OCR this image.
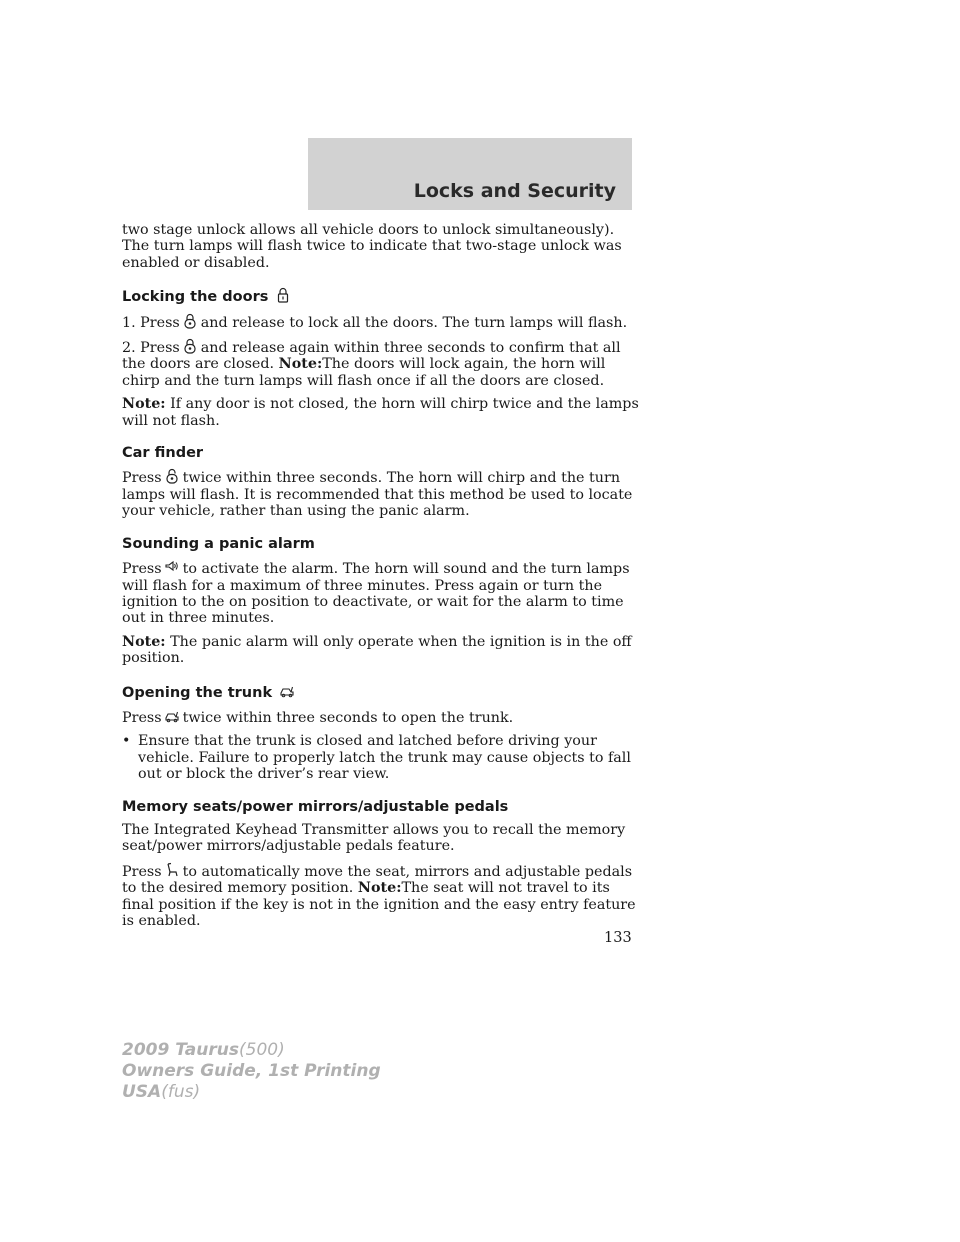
Locks and Security

two stage unlock allows all vehicle doors to unlock simultaneously). The turn lamps will flash twice to indicate that two-stage unlock was enabled or disabled.

Locking the doors

1. Press and release to lock all the doors. The turn lamps will flash.

2. Press and release again within three seconds to confirm that all the doors are closed. Note:The doors will lock again, the horn will chirp and the turn lamps will flash once if all the doors are closed.

Note: If any door is not closed, the horn will chirp twice and the lamps will not flash.

Car finder

Press twice within three seconds. The horn will chirp and the turn lamps will flash. It is recommended that this method be used to locate your vehicle, rather than using the panic alarm.

Sounding a panic alarm

Press to activate the alarm. The horn will sound and the turn lamps will flash for a maximum of three minutes. Press again or turn the ignition to the on position to deactivate, or wait for the alarm to time out in three minutes.

Note: The panic alarm will only operate when the ignition is in the off position.

Opening the trunk

Press twice within three seconds to open the trunk.

• Ensure that the trunk is closed and latched before driving your vehicle. Failure to properly latch the trunk may cause objects to fall out or block the driver’s rear view.
Memory seats/power mirrors/adjustable pedals

The Integrated Keyhead Transmitter allows you to recall the memory seat/power mirrors/adjustable pedals feature.

Press to automatically move the seat, mirrors and adjustable pedals to the desired memory position. Note:The seat will not travel to its final position if the key is not in the ignition and the easy entry feature is enabled.

133
2009 Taurus(500)
Owners Guide, 1st Printing
USA(fus)
